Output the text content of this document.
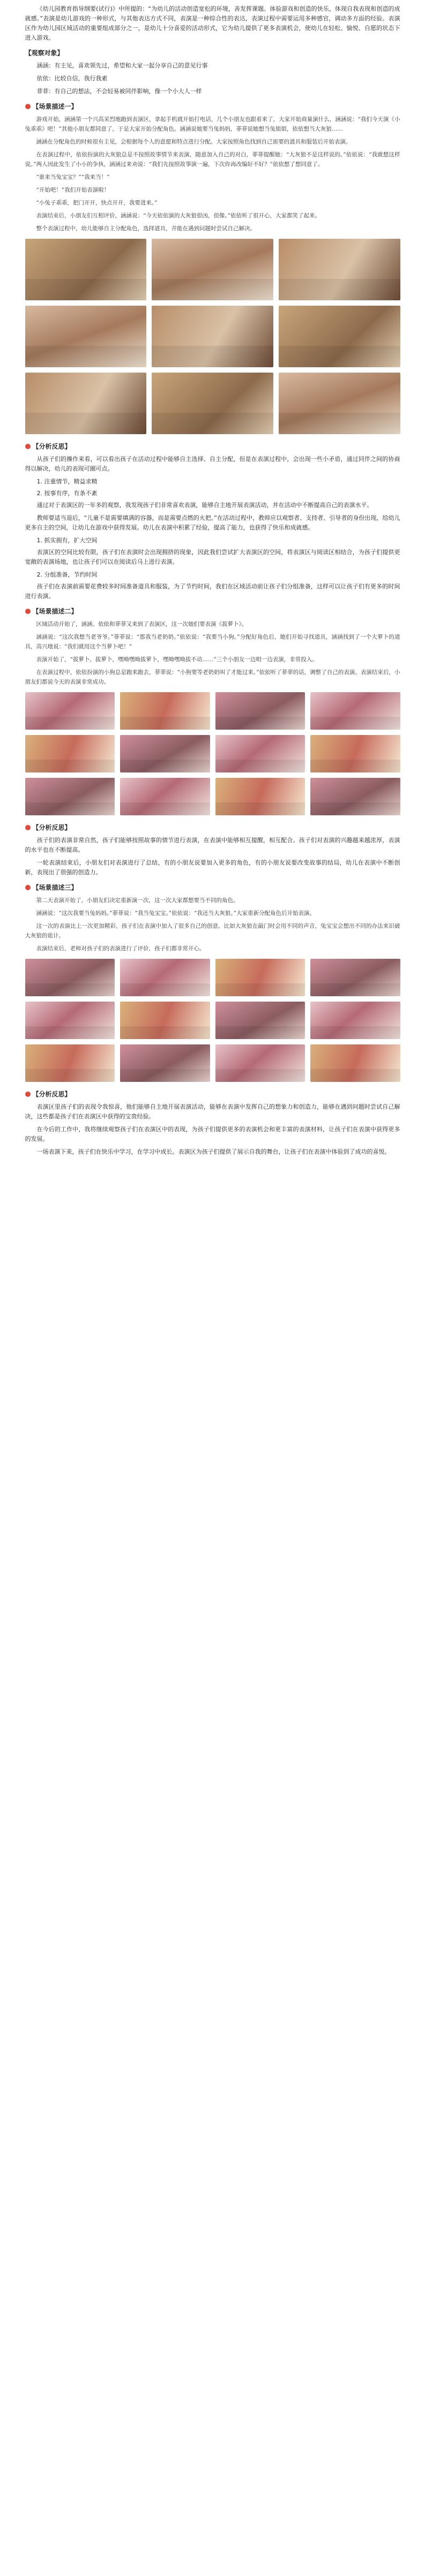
《幼儿园教育指导纲要(试行)》中所提的：“为幼儿的活动创造宽松的环境，善发挥课题。体验游戏和创造的快乐，体现自我表现和创造的成就感。”表演是幼儿游戏的一种形式，与其他表达方式不同，表演是一种综合性的表达，表演过程中需要运用多种感官，调动多方面的经验。表演区作为幼儿园区域活动的重要组成部分之一，是幼儿十分喜爱的活动形式，它为幼儿提供了更多表演机会，使幼儿在轻松、愉悦、自愿的状态下进入游戏。

【观察对象】

涵涵：有主见，喜欢领先过，希望和大家一起分享自己的意见行事

依依：比较自信，我行我素

菲菲：有自己的想法，不会轻易被同伴影响，像一个小大人一样

【场景描述一】

游戏开始，涵涵第一个兴高采烈地跑到表演区，拿起手机就开始打电话，几个小朋友也跟着来了，大家开始商量演什么，涵涵说：“我们今天演《小兔乖乖》吧！”其他小朋友都同意了，于是大家开始分配角色。涵涵说她要当兔妈妈，菲菲说她想当兔姐姐，依依想当大灰狼……

涵涵在分配角色的时候很有主见，会根据每个人的意愿和特点进行分配。大家按照角色找到自己需要的道具和服装后开始表演。

在表演过程中，依依扮演的大灰狼总是不按照故事情节来表演，随意加入自己的对白，菲菲提醒她：“大灰狼不是这样说的。”依依说：“我就想这样说。”两人因此发生了小小的争执，涵涵过来劝说：“我们先按照故事演一遍，下次你再改编好不好？”依依想了想同意了。

“谁来当兔宝宝？”“我来当！”

“开始吧！”我们开始表演啦！

“小兔子乖乖，把门开开，快点开开，我要进来。”

表演结束后，小朋友们互相评价，涵涵说：“今天依依演的大灰狼很凶，很像。”依依听了很开心，大家都笑了起来。

整个表演过程中，幼儿能够自主分配角色，选择道具，并能在遇到问题时尝试自己解决。

【分析反思】

从孩子们的操作来看，可以看出孩子在活动过程中能够自主选择、自主分配，但是在表演过程中，会出现一些小矛盾，通过同伴之间的协商得以解决，幼儿的表现可圈可点。

1. 注重情节，精益求精

2. 按事有序，有条不紊

通过对于表演区的一年多的观察，我发现孩子们非常喜欢表演，能够自主地开展表演活动，并在活动中不断提高自己的表演水平。

教师要适当退后，“儿童不是需要填满的容器，而是需要点燃的火把。”在活动过程中，教师应以观察者、支持者、引导者的身份出现，给幼儿更多自主的空间，让幼儿在游戏中获得发展。幼儿在表演中积累了经验，提高了能力，也获得了快乐和成就感。

1. 抓实拥有，扩大空间

表演区的空间比较有限，孩子们在表演时会出现拥挤的现象，因此我们尝试扩大表演区的空间，将表演区与阅读区相结合，为孩子们提供更宽敞的表演场地，也让孩子们可以在阅读后马上进行表演。

2. 分组准备，节约时间

孩子们在表演前需要花费较多时间准备道具和服装，为了节约时间，我们在区域活动前让孩子们分组准备，这样可以让孩子们有更多的时间进行表演。

【场景描述二】

区域活动开始了，涵涵、依依和菲菲又来到了表演区，这一次她们要表演《拔萝卜》。

涵涵说：“这次我想当老爷爷。”菲菲说：“那我当老奶奶。”依依说：“我要当小狗。”分配好角色后，她们开始寻找道具，涵涵找到了一个大萝卜的道具，高兴地说：“我们就用这个当萝卜吧！”

表演开始了，“拔萝卜，拔萝卜，嘿呦嘿呦拔萝卜，嘿呦嘿呦拔不动……”三个小朋友一边唱一边表演，非常投入。

在表演过程中，依依扮演的小狗总是跑来跑去，菲菲说：“小狗要等老奶奶叫了才能过来。”依依听了菲菲的话，调整了自己的表演。表演结束后，小朋友们都说今天的表演非常成功。

【分析反思】

孩子们的表演非常自然，孩子们能够按照故事的情节进行表演，在表演中能够相互提醒，相互配合。孩子们对表演的兴趣越来越浓厚，表演的水平也在不断提高。

一轮表演结束后，小朋友们对表演进行了总结，有的小朋友说要加入更多的角色，有的小朋友说要改变故事的结局，幼儿在表演中不断创新，表现出了很强的创造力。

【场景描述三】

第二天表演开始了，小朋友们决定重新演一次，这一次大家都想要当不同的角色。

涵涵说：“这次我要当兔妈妈。”菲菲说：“我当兔宝宝。”依依说：“我还当大灰狼。”大家重新分配角色后开始表演。

这一次的表演比上一次更加精彩，孩子们在表演中加入了很多自己的创意，比如大灰狼在敲门时会用不同的声音，兔宝宝会想出不同的办法来识破大灰狼的诡计。

表演结束后，老师对孩子们的表演进行了评价，孩子们都非常开心。

【分析反思】

表演区里孩子们的表现令我惊喜，他们能够自主地开展表演活动，能够在表演中发挥自己的想象力和创造力，能够在遇到问题时尝试自己解决，这些都是孩子们在表演区中获得的宝贵经验。

在今后的工作中，我将继续观察孩子们在表演区中的表现，为孩子们提供更多的表演机会和更丰富的表演材料，让孩子们在表演中获得更多的发展。

一场表演下来，孩子们在快乐中学习，在学习中成长。表演区为孩子们提供了展示自我的舞台，让孩子们在表演中体验到了成功的喜悦。
